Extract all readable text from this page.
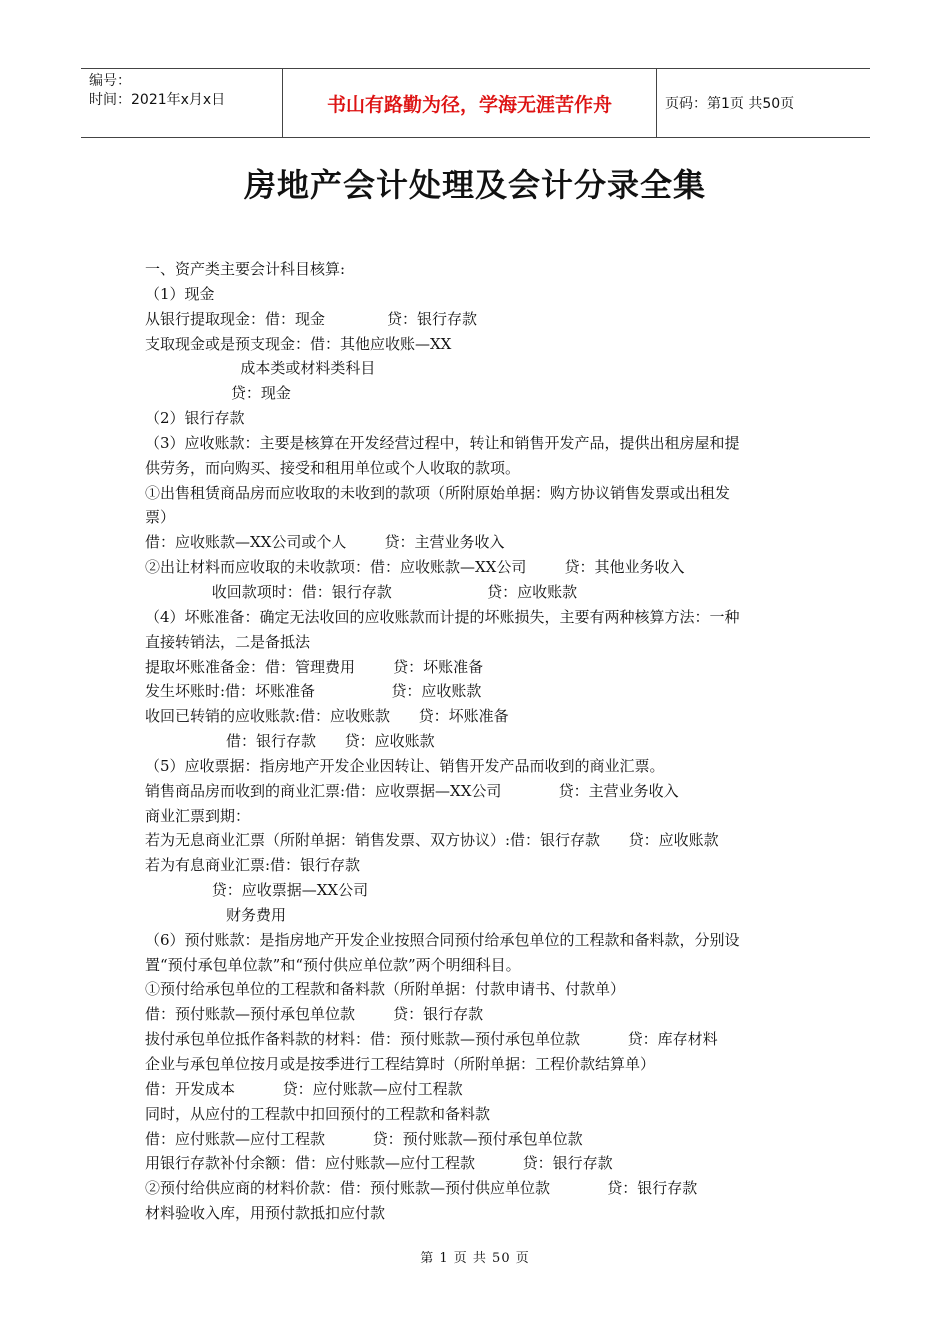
编号：
时间：2021年x月x日	书山有路勤为径，学海无涯苦作舟	页码：第1页 共50页
房地产会计处理及会计分录全集
一、资产类主要会计科目核算:
（1）现金
从银行提取现金：借：现金             贷：银行存款
支取现金或是预支现金：借：其他应收账—XX
成本类或材料类科目
贷：现金
（2）银行存款
（3）应收账款：主要是核算在开发经营过程中，转让和销售开发产品，提供出租房屋和提
供劳务，而向购买、接受和租用单位或个人收取的款项。
①出售租赁商品房而应收取的未收到的款项（所附原始单据：购方协议销售发票或出租发
票）
借：应收账款—XX公司或个人        贷：主营业务收入
②出让材料而应收取的未收款项：借：应收账款—XX公司        贷：其他业务收入
收回款项时：借：银行存款                    贷：应收账款
（4）坏账准备：确定无法收回的应收账款而计提的坏账损失，主要有两种核算方法：一种
直接转销法，二是备抵法
提取坏账准备金：借：管理费用        贷：坏账准备
发生坏账时:借：坏账准备                贷：应收账款
收回已转销的应收账款:借：应收账款      贷：坏账准备
借：银行存款      贷：应收账款
（5）应收票据：指房地产开发企业因转让、销售开发产品而收到的商业汇票。
销售商品房而收到的商业汇票:借：应收票据—XX公司            贷：主营业务收入
商业汇票到期：
若为无息商业汇票（所附单据：销售发票、双方协议）:借：银行存款      贷：应收账款
若为有息商业汇票:借：银行存款
贷：应收票据—XX公司
财务费用
（6）预付账款：是指房地产开发企业按照合同预付给承包单位的工程款和备料款，分别设
置“预付承包单位款”和“预付供应单位款”两个明细科目。
①预付给承包单位的工程款和备料款（所附单据：付款申请书、付款单）
借：预付账款—预付承包单位款        贷：银行存款
拔付承包单位抵作备料款的材料：借：预付账款—预付承包单位款          贷：库存材料
企业与承包单位按月或是按季进行工程结算时（所附单据：工程价款结算单）
借：开发成本          贷：应付账款—应付工程款
同时，从应付的工程款中扣回预付的工程款和备料款
借：应付账款—应付工程款          贷：预付账款—预付承包单位款
用银行存款补付余额：借：应付账款—应付工程款          贷：银行存款
②预付给供应商的材料价款：借：预付账款—预付供应单位款            贷：银行存款
材料验收入库，用预付款抵扣应付款
第 1 页 共 50 页
